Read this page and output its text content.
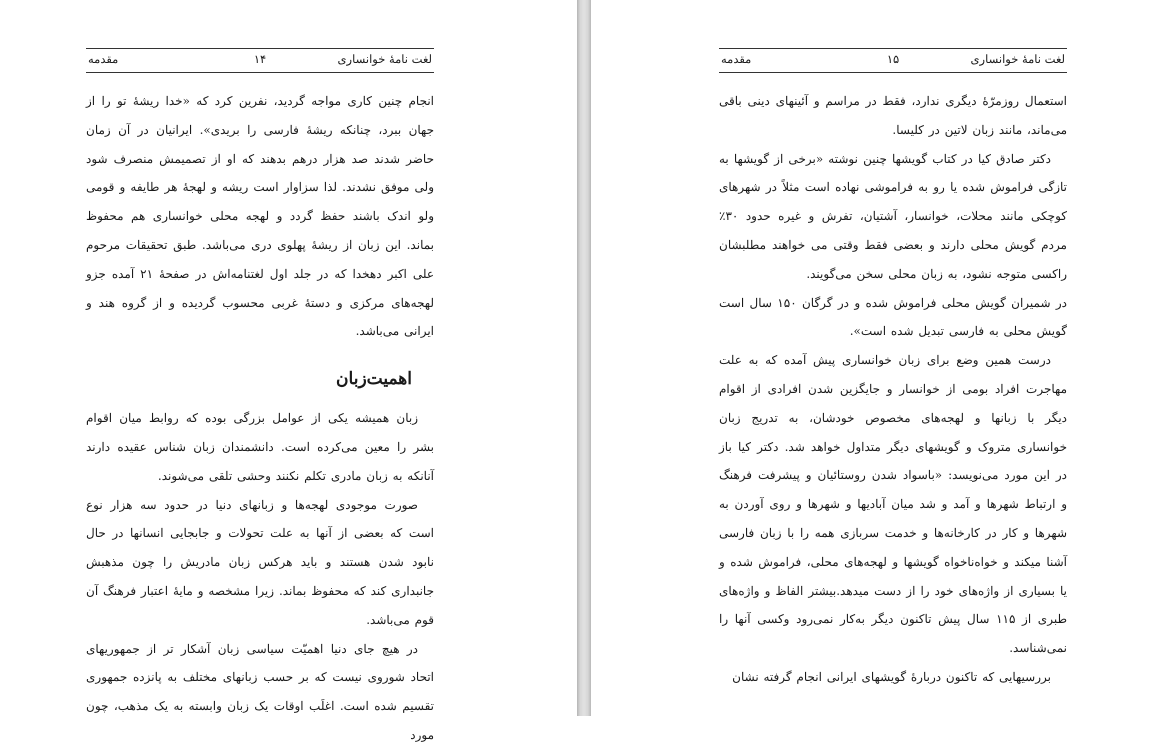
لغت نامهٔ خوانساری
۱۴
مقدمه

انجام چنین کاری مواجه گردید، نفرین کرد که «خدا ریشهٔ تو را از جهان ببرد، چنانکه ریشهٔ فارسی را بریدی». ایرانیان در آن زمان حاضر شدند صد هزار درهم بدهند که او از تصمیمش منصرف شود ولی موفق نشدند. لذا سزاوار است ریشه و لهجهٔ هر طایفه و قومی ولو اندک باشند حفظ گردد و لهجه محلی خوانساری هم محفوظ بماند. این زبان از ریشهٔ پهلوی دری می‌باشد. طبق تحقیقات مرحوم علی اکبر دهخدا که در جلد اول لغتنامه‌اش در صفحهٔ ۲۱ آمده جزو لهجه‌های مرکزی و دستهٔ غربی محسوب گردیده و از گروه هند و ایرانی می‌باشد.

اهمیت‌زبان

زبان همیشه یکی از عوامل بزرگی بوده که روابط میان اقوام بشر را معین می‌کرده است. دانشمندان زبان شناس عقیده دارند آنانکه به زبان مادری تکلم نکنند وحشی تلقی می‌شوند.

صورت موجودی لهجه‌ها و زبانهای دنیا در حدود سه هزار نوع است که بعضی از آنها به علت تحولات و جابجایی انسانها در حال نابود شدن هستند و باید هرکس زبان مادریش را چون مذهبش جانبداری کند که محفوظ بماند. زیرا مشخصه و مایهٔ اعتبار فرهنگ آن قوم می‌باشد.

در هیچ جای دنیا اهمیّت سیاسی زبان آشکار تر از جمهوریهای اتحاد شوروی نیست که بر حسب زبانهای مختلف به پانزده جمهوری تقسیم شده است. اغلَب اوقات یک زبان وابسته به یک مذهب، چون مورد

لغت نامهٔ خوانساری
۱۵
مقدمه

استعمال روزمرّهٔ دیگری ندارد، فقط در مراسم و آئینهای دینی باقی می‌ماند، مانند زبان لاتین در کلیسا.

دکتر صادق کیا در کتاب گویشها چنین نوشته «برخی از گویشها به تازگی فراموش شده یا رو به فراموشی نهاده است مثلاً در شهرهای کوچکی مانند محلات، خوانسار، آشتیان، تفرش و غیره حدود ۳۰٪ مردم گویش محلی دارند و بعضی فقط وقتی می خواهند مطلبشان راکسی متوجه نشود، به زبان محلی سخن می‌گویند.

در شمیران گویش محلی فراموش شده و در گرگان ۱۵۰ سال است گویش محلی به فارسی تبدیل شده است».

درست همین وضع برای زبان خوانساری پیش آمده که به علت مهاجرت افراد بومی از خوانسار و جایگزین شدن افرادی از اقوام دیگر با زبانها و لهجه‌های مخصوص خودشان، به تدریج زبان خوانساری متروک و گویشهای دیگر متداول خواهد شد. دکتر کیا باز در این مورد می‌نویسد: «باسواد شدن روستائیان و پیشرفت فرهنگ و ارتباط شهرها و آمد و شد میان آبادیها و شهرها و روی آوردن به شهرها و کار در کارخانه‌ها و خدمت سربازی همه را با زبان فارسی آشنا میکند و خواه‌ناخواه گویشها و لهجه‌های محلی، فراموش شده و یا بسیاری از واژه‌های خود را از دست میدهد.بیشتر الفاظ و واژه‌های طبری از ۱۱۵ سال پیش تاکنون دیگر به‌کار نمی‌رود وکسی آنها را نمی‌شناسد.

بررسیهایی که تاکنون دربارهٔ گویشهای ایرانی انجام گرفته نشان
